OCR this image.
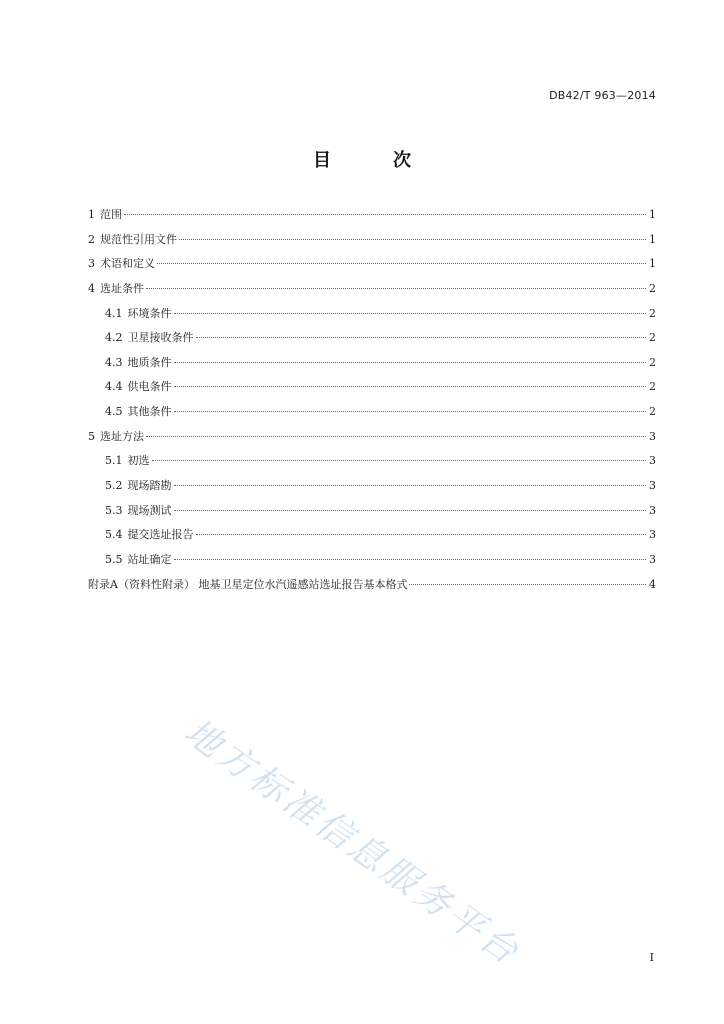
DB42/T 963—2014
目　次
1 范围	1
2 规范性引用文件	1
3 术语和定义	1
4 选址条件	2
4.1 环境条件	2
4.2 卫星接收条件	2
4.3 地质条件	2
4.4 供电条件	2
4.5 其他条件	2
5 选址方法	3
5.1 初选	3
5.2 现场踏勘	3
5.3 现场测试	3
5.4 提交选址报告	3
5.5 站址确定	3
附录A（资料性附录） 地基卫星定位水汽遥感站选址报告基本格式	4
地方标准信息服务平台	I
